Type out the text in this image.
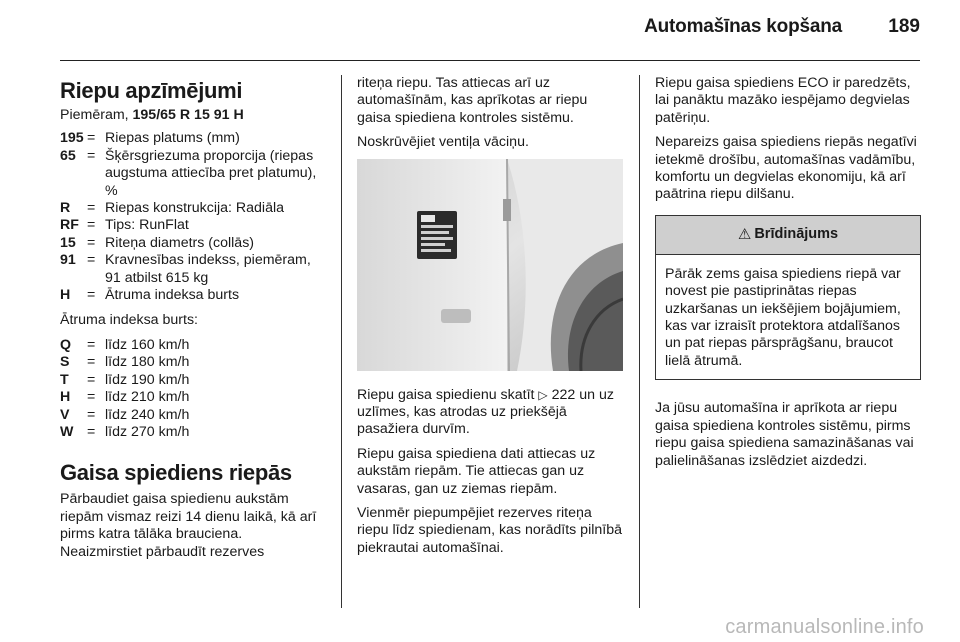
Automašīnas kopšana 189
Riepu apzīmējumi

Piemēram, 195/65 R 15 91 H

195 = Riepas platums (mm)
65 = Šķērsgriezuma proporcija (riepas augstuma attiecība pret platumu), %
R	= Riepas konstrukcija: Radiāla
RF = Tips: RunFlat
15 = Riteņa diametrs (collās)
91 = Kravnesības indekss, piemēram, 91 atbilst 615 kg
H	= Ātruma indeksa burts

Ātruma indeksa burts:

Q	= līdz 160 km/h
S	= līdz 180 km/h
T	= līdz 190 km/h
H	= līdz 210 km/h
V	= līdz 240 km/h
W = līdz 270 km/h
Gaisa spiediens riepās

Pārbaudiet gaisa spiedienu aukstām riepām vismaz reizi 14 dienu laikā, kā arī pirms katra tālāka brauciena. Neaizmirstiet pārbaudīt rezerves

riteņa riepu. Tas attiecas arī uz automašīnām, kas aprīkotas ar riepu gaisa spiediena kontroles sistēmu.

Noskrūvējiet ventiļa vāciņu.

Riepu gaisa spiedienu skatīt ▷ 222 un uz uzlīmes, kas atrodas uz priekšējā pasažiera durvīm.

Riepu gaisa spiediena dati attiecas uz aukstām riepām. Tie attiecas gan uz vasaras, gan uz ziemas riepām.

Vienmēr piepumpējiet rezerves riteņa riepu līdz spiedienam, kas norādīts pilnībā piekrautai automašīnai.

Riepu gaisa spiediens ECO ir paredzēts, lai panāktu mazāko iespējamo degvielas patēriņu.

Nepareizs gaisa spiediens riepās negatīvi ietekmē drošību, automašīnas vadāmību, komfortu un degvielas ekonomiju, kā arī paātrina riepu dilšanu.

⚠ Brīdinājums
Pārāk zems gaisa spiediens riepā var novest pie pastiprinātas riepas uzkaršanas un iekšējiem bojājumiem, kas var izraisīt protektora atdalīšanos un pat riepas pārsprāgšanu, braucot lielā ātrumā.

Ja jūsu automašīna ir aprīkota ar riepu gaisa spiediena kontroles sistēmu, pirms riepu gaisa spiediena samazināšanas vai palielināšanas izslēdziet aizdedzi.

carmanualsonline.info
